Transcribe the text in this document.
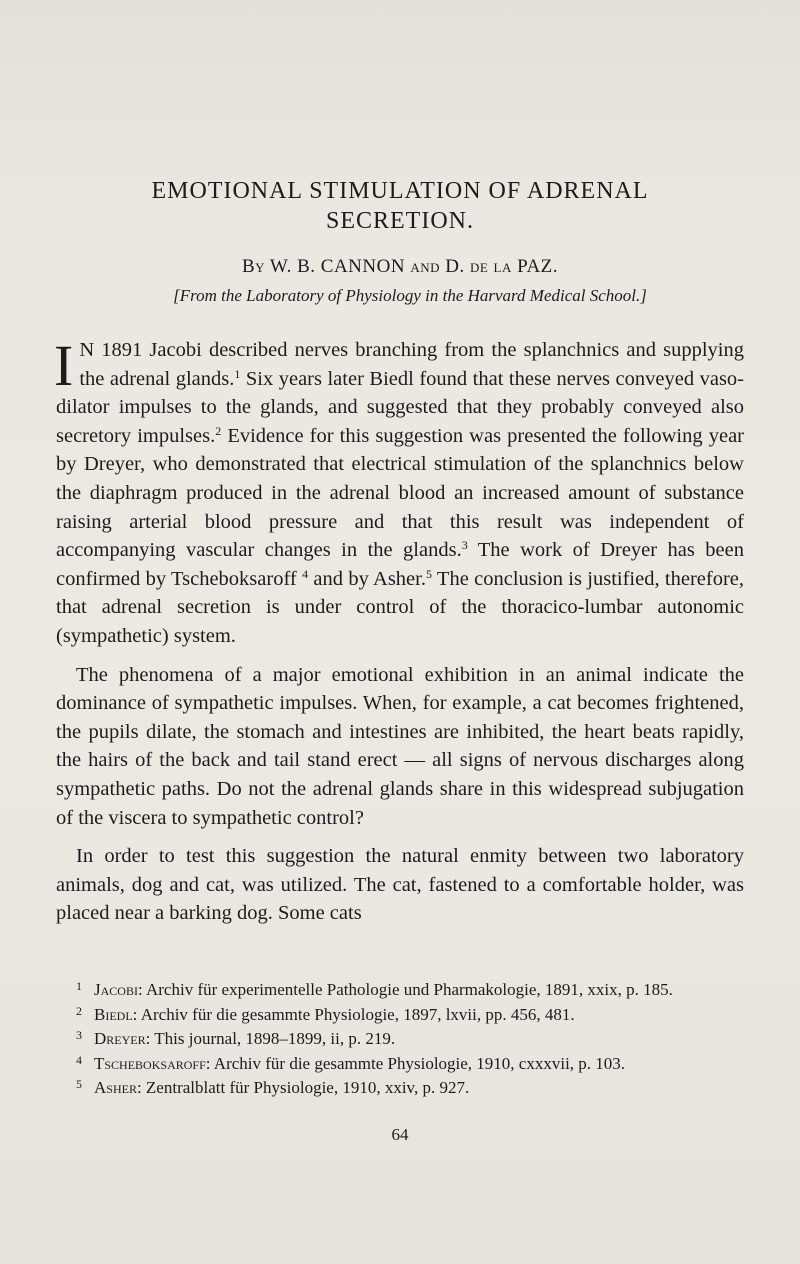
EMOTIONAL STIMULATION OF ADRENAL
SECRETION.
By W. B. CANNON and D. de la PAZ.
[From the Laboratory of Physiology in the Harvard Medical School.]

I N 1891 Jacobi described nerves branching from the splanchnics and supplying the adrenal glands.$^1$ Six years later Biedl found that these nerves conveyed vaso-dilator impulses to the glands, and suggested that they probably conveyed also secretory impulses.$^2$ Evidence for this suggestion was presented the following year by Dreyer, who demonstrated that electrical stimulation of the splanchnics below the diaphragm produced in the adrenal blood an increased amount of substance raising arterial blood pressure and that this result was independent of accompanying vascular changes in the glands.$^3$ The work of Dreyer has been confirmed by Tscheboksaroff $^4$ and by Asher.$^5$ The conclusion is justified, therefore, that adrenal secretion is under control of the thoracico-lumbar autonomic (sympathetic) system.

The phenomena of a major emotional exhibition in an animal indicate the dominance of sympathetic impulses. When, for example, a cat becomes frightened, the pupils dilate, the stomach and intestines are inhibited, the heart beats rapidly, the hairs of the back and tail stand erect — all signs of nervous discharges along sympathetic paths. Do not the adrenal glands share in this widespread subjugation of the viscera to sympathetic control?

In order to test this suggestion the natural enmity between two laboratory animals, dog and cat, was utilized. The cat, fastened to a comfortable holder, was placed near a barking dog. Some cats

1 Jacobi: Archiv für experimentelle Pathologie und Pharmakologie, 1891, xxix, p. 185.

2 Biedl: Archiv für die gesammte Physiologie, 1897, lxvii, pp. 456, 481.

3 Dreyer: This journal, 1898–1899, ii, p. 219.

4 Tscheboksaroff: Archiv für die gesammte Physiologie, 1910, cxxxvii, p. 103.

5 Asher: Zentralblatt für Physiologie, 1910, xxiv, p. 927.

64
